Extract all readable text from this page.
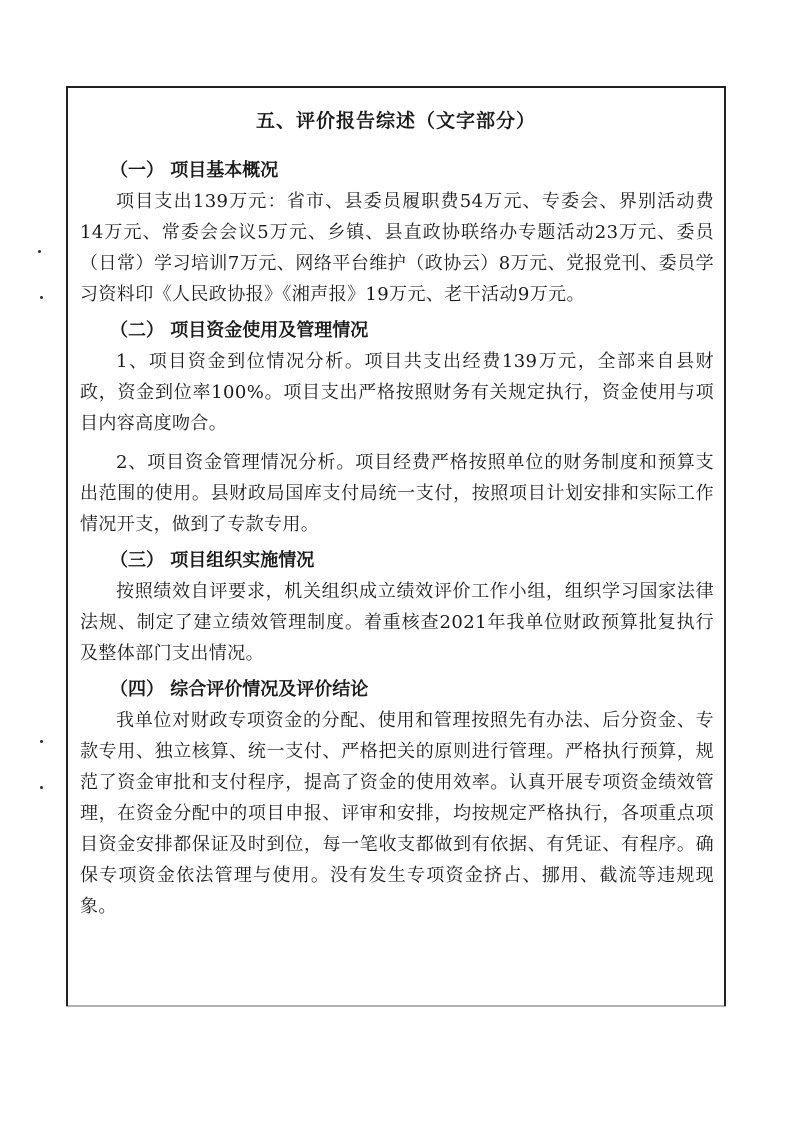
五、评价报告综述（文字部分）
（一） 项目基本概况
项目支出139万元：省市、县委员履职费54万元、专委会、界别活动费14万元、常委会会议5万元、乡镇、县直政协联络办专题活动23万元、委员（日常）学习培训7万元、网络平台维护（政协云）8万元、党报党刊、委员学习资料印《人民政协报》《湘声报》19万元、老干活动9万元。
（二） 项目资金使用及管理情况
1、项目资金到位情况分析。项目共支出经费139万元，全部来自县财政，资金到位率100%。项目支出严格按照财务有关规定执行，资金使用与项目内容高度吻合。
2、项目资金管理情况分析。项目经费严格按照单位的财务制度和预算支出范围的使用。县财政局国库支付局统一支付，按照项目计划安排和实际工作情况开支，做到了专款专用。
（三） 项目组织实施情况
按照绩效自评要求，机关组织成立绩效评价工作小组，组织学习国家法律法规、制定了建立绩效管理制度。着重核查2021年我单位财政预算批复执行及整体部门支出情况。
（四） 综合评价情况及评价结论
我单位对财政专项资金的分配、使用和管理按照先有办法、后分资金、专款专用、独立核算、统一支付、严格把关的原则进行管理。严格执行预算，规范了资金审批和支付程序，提高了资金的使用效率。认真开展专项资金绩效管理，在资金分配中的项目申报、评审和安排，均按规定严格执行，各项重点项目资金安排都保证及时到位，每一笔收支都做到有依据、有凭证、有程序。确保专项资金依法管理与使用。没有发生专项资金挤占、挪用、截流等违规现象。
